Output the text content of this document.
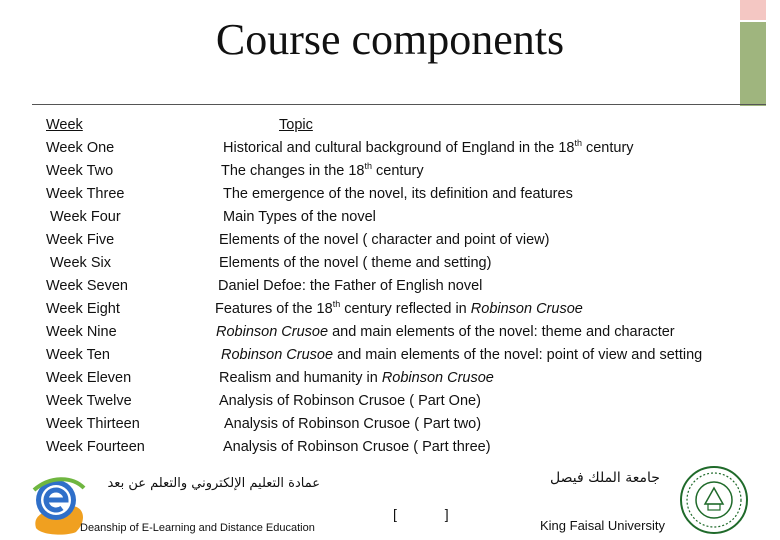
Course components
Week	Topic
Week One	Historical and cultural background of England in the 18th century
Week Two	The changes in the 18th century
Week Three	The emergence of the novel, its definition and features
Week Four	Main Types of the novel
Week Five	Elements of the novel ( character and point of view)
Week Six	Elements of the novel ( theme and setting)
Week Seven	Daniel Defoe: the Father of English novel
Week Eight	Features of the 18th century reflected in Robinson Crusoe
Week Nine	Robinson Crusoe and main elements of the novel: theme and character
Week Ten	Robinson Crusoe and main elements of the novel: point of view and setting
Week Eleven	Realism and humanity in Robinson Crusoe
Week Twelve	Analysis of Robinson Crusoe ( Part One)
Week Thirteen	Analysis of Robinson Crusoe ( Part two)
Week Fourteen	Analysis of Robinson Crusoe ( Part three)
عمادة التعليم الإلكتروني والتعلم عن بعد
Deanship of E-Learning and Distance Education
[ ]
جامعة الملك فيصل
King Faisal University
